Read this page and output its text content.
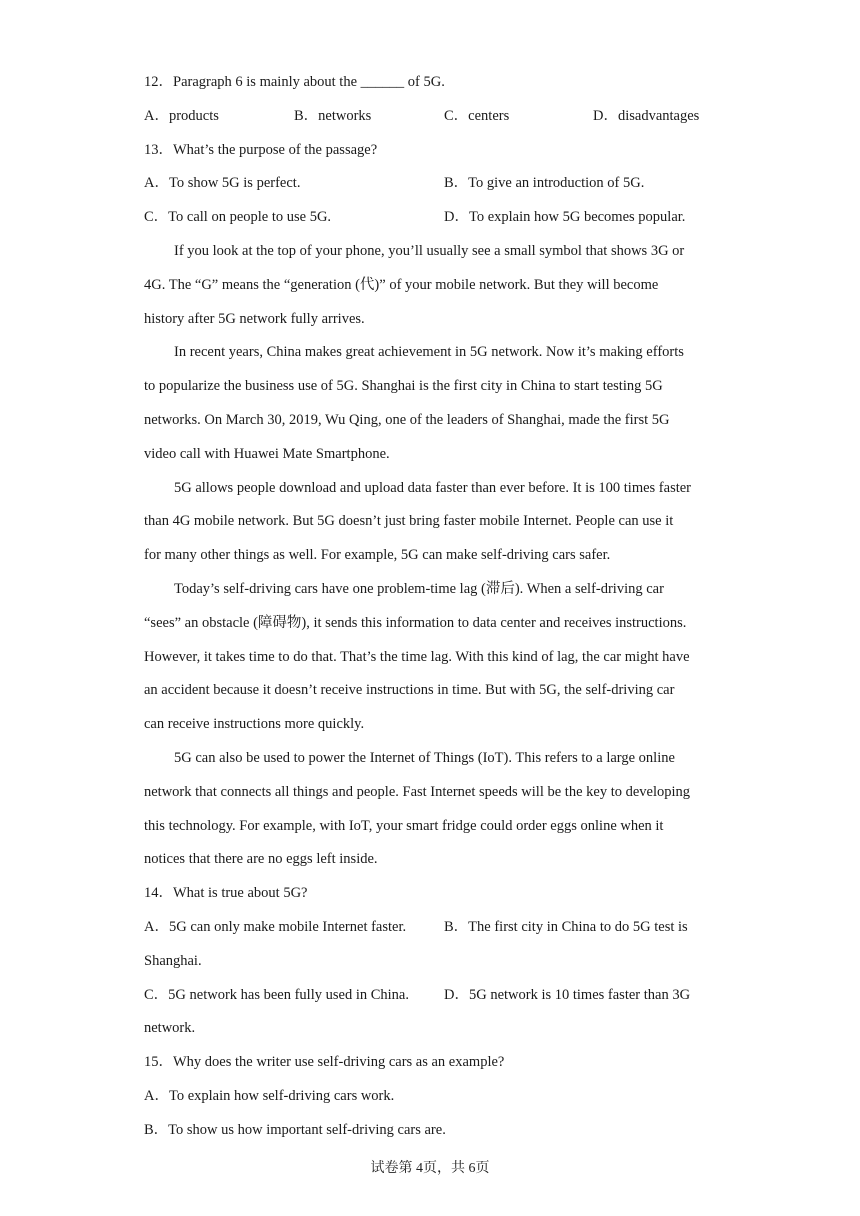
12．Paragraph 6 is mainly about the ______ of 5G.
A．products	B．networks	C．centers	D．disadvantages
13．What’s the purpose of the passage?
A．To show 5G is perfect.	B．To give an introduction of 5G.
C．To call on people to use 5G.	D．To explain how 5G becomes popular.
If you look at the top of your phone, you’ll usually see a small symbol that shows 3G or
4G. The “G” means the “generation (代)” of your mobile network. But they will become
history after 5G network fully arrives.
In recent years, China makes great achievement in 5G network. Now it’s making efforts
to popularize the business use of 5G. Shanghai is the first city in China to start testing 5G
networks. On March 30, 2019, Wu Qing, one of the leaders of Shanghai, made the first 5G
video call with Huawei Mate Smartphone.
5G allows people download and upload data faster than ever before. It is 100 times faster
than 4G mobile network. But 5G doesn’t just bring faster mobile Internet. People can use it
for many other things as well. For example, 5G can make self-driving cars safer.
Today’s self-driving cars have one problem-time lag (滞后). When a self-driving car
“sees” an obstacle (障碍物), it sends this information to data center and receives instructions.
However, it takes time to do that. That’s the time lag. With this kind of lag, the car might have
an accident because it doesn’t receive instructions in time. But with 5G, the self-driving car
can receive instructions more quickly.
5G can also be used to power the Internet of Things (IoT). This refers to a large online
network that connects all things and people. Fast Internet speeds will be the key to developing
this technology. For example, with IoT, your smart fridge could order eggs online when it
notices that there are no eggs left inside.
14．What is true about 5G?
A．5G can only make mobile Internet faster.	B．The first city in China to do 5G test is
Shanghai.
C．5G network has been fully used in China. D．5G network is 10 times faster than 3G
network.
15．Why does the writer use self-driving cars as an example?
A．To explain how self-driving cars work.
B．To show us how important self-driving cars are.
试卷第 4页，共 6页
